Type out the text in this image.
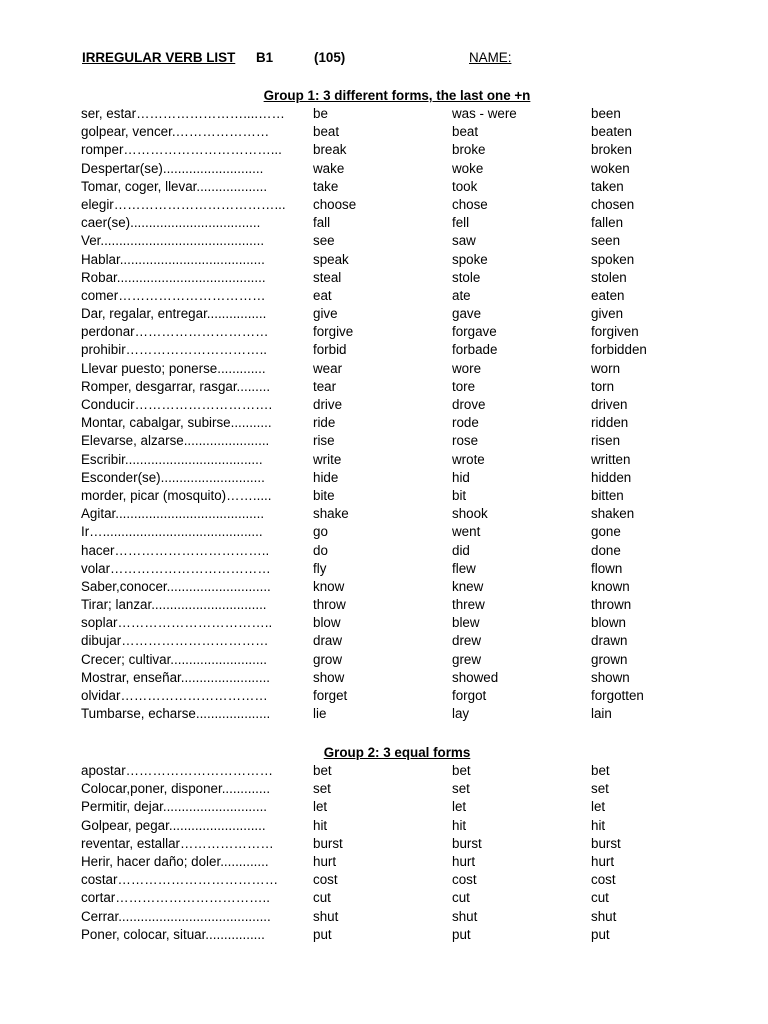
IRREGULAR VERB LIST B1	(105)	NAME:
Group 1: 3 different forms, the last one +n
ser, estar……………………....……	be	was - were	been
golpear, vencer.…………………	beat	beat	beaten
romper……………………………...	break	broke	broken
Despertar(se)...........................	wake	woke	woken
Tomar, coger, llevar...................	take	took	taken
elegir………………………………...	choose	chose	chosen
caer(se)...................................	fall	fell	fallen
Ver............................................	see	saw	seen
Hablar.......................................	speak	spoke	spoken
Robar........................................	steal	stole	stolen
comer……………………………	eat	ate	eaten
Dar, regalar, entregar................	give	gave	given
perdonar…………………………	forgive	forgave	forgiven
prohibir…………………………..	forbid	forbade	forbidden
Llevar puesto; ponerse.............	wear	wore	worn
Romper, desgarrar, rasgar.........	tear	tore	torn
Conducir………………………….	drive	drove	driven
Montar, cabalgar, subirse...........	ride	rode	ridden
Elevarse, alzarse.......................	rise	rose	risen
Escribir.....................................	write	wrote	written
Esconder(se)............................	hide	hid	hidden
morder, picar (mosquito)…….....	bite	bit	bitten
Agitar........................................	shake	shook	shaken
Ir…...........................................	go	went	gone
hacer……………………………..	do	did	done
volar………………………………	fly	flew	flown
Saber,conocer............................	know	knew	known
Tirar; lanzar...............................	throw	threw	thrown
soplar……………………………..	blow	blew	blown
dibujar……………………………	draw	drew	drawn
Crecer; cultivar..........................	grow	grew	grown
Mostrar, enseñar........................	show	showed	shown
olvidar……………………………	forget	forgot	forgotten
Tumbarse, echarse....................	lie	lay	lain
Group 2: 3 equal forms
apostar……………………………	bet	bet	bet
Colocar,poner, disponer.............	set	set	set
Permitir, dejar............................	let	let	let
Golpear, pegar..........................	hit	hit	hit
reventar, estallar…………………	burst	burst	burst
Herir, hacer daño; doler.............	hurt	hurt	hurt
costar………………………………	cost	cost	cost
cortar……………………………..	cut	cut	cut
Cerrar.........................................	shut	shut	shut
Poner, colocar, situar................	put	put	put
